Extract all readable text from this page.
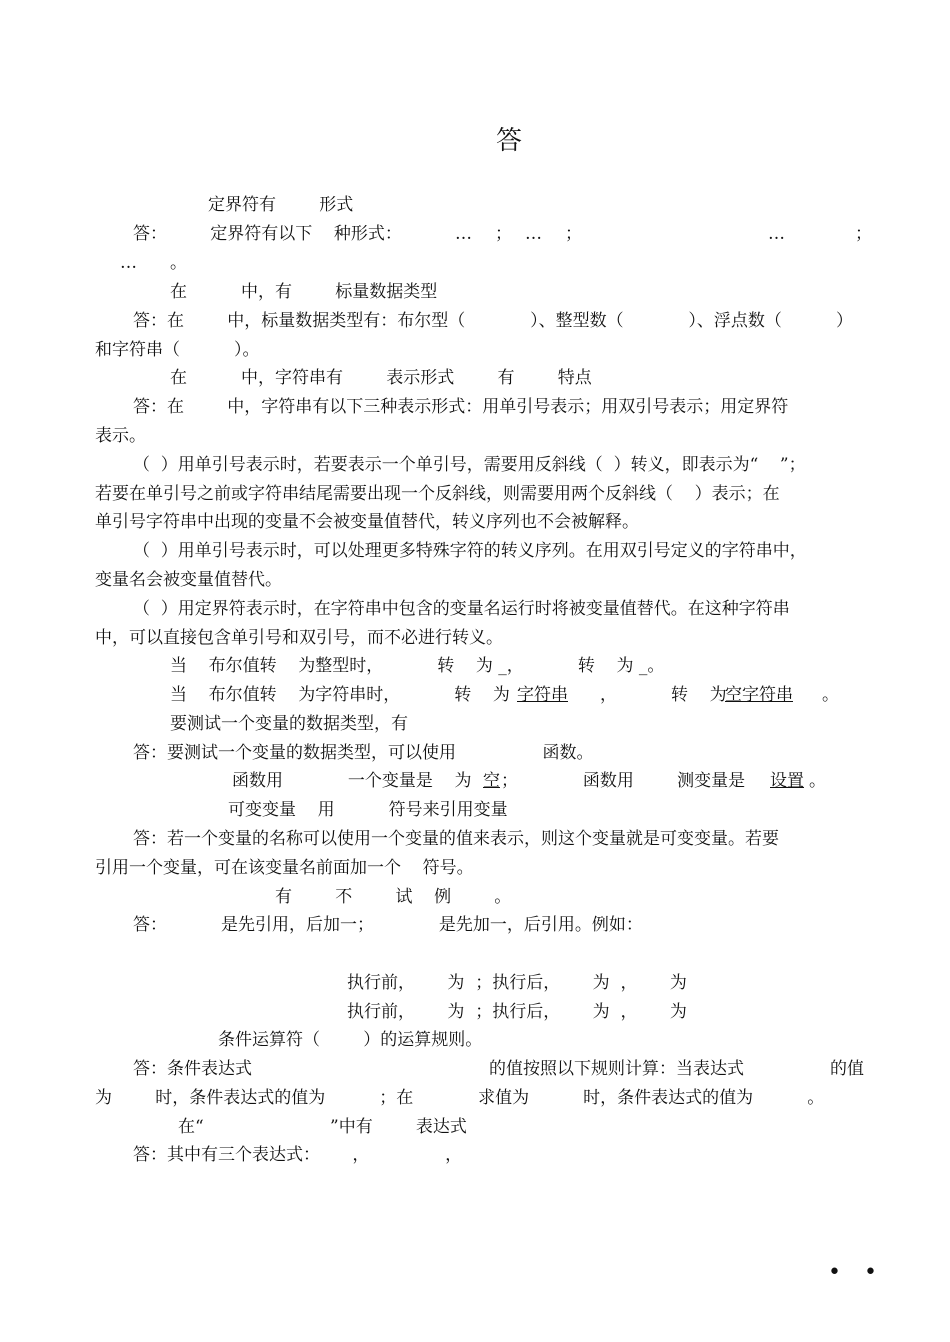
答
定界符有        形式
答：        定界符有以下    种形式：	… ； … ；	…	；
… 。
在          中，有        标量数据类型
答：在        中，标量数据类型有：布尔型（            ）、整型数（            ）、浮点数（          ）
和字符串（          ）。
在          中，字符串有        表示形式        有        特点
答：在        中，字符串有以下三种表示形式：用单引号表示；用双引号表示；用定界符
表示。
（  ）用单引号表示时，若要表示一个单引号，需要用反斜线（  ）转义，即表示为“    ”；
若要在单引号之前或字符串结尾需要出现一个反斜线，则需要用两个反斜线（    ）表示；在
单引号字符串中出现的变量不会被变量值替代，转义序列也不会被解释。
（  ）用单引号表示时，可以处理更多特殊字符的转义序列。在用双引号定义的字符串中，
变量名会被变量值替代。
（  ）用定界符表示时，在字符串中包含的变量名运行时将被变量值替代。在这种字符串
中，可以直接包含单引号和双引号，而不必进行转义。
当    布尔值转    为整型时，          转    为 _，          转    为 _。
当    布尔值转    为字符串时，          转    为 字符串 ，          转    为
空字符串 。
要测试一个变量的数据类型，有
答：要测试一个变量的数据类型，可以使用                函数。
函数用            一个变量是    为 空 ；            函数用        测变量是 设置 。
可变变量    用          符号来引用变量
答：若一个变量的名称可以使用一个变量的值来表示，则这个变量就是可变变量。若要
引用一个变量，可在该变量名前面加一个    符号。
有        不        试    例        。
答：          是先引用，后加一；            是先加一，后引用。例如：
执行前，      为  ；执行后，      为  ，      为
执行前，      为  ；执行后，      为  ，      为
条件运算符（        ）的运算规则。
答：条件表达式	的值按照以下规则计算：当表达式	的值
为        时，条件表达式的值为          ；在            求值为          时，条件表达式的值为          。
在“	”中有        表达式
答：其中有三个表达式：      ，              ，
• •
